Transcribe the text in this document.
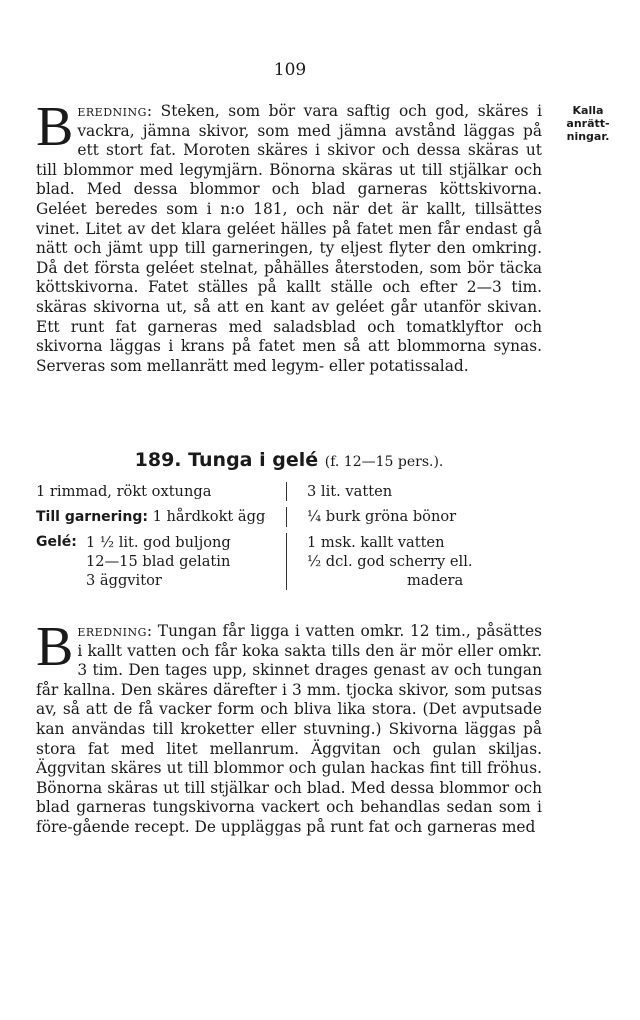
109
Kalla
anrätt-
ningar.
Beredning: Steken, som bör vara saftig och god, skäres i vackra, jämna skivor, som med jämna avstånd läggas på ett stort fat. Moroten skäres i skivor och dessa skäras ut till blommor med legymjärn. Bönorna skäras ut till stjälkar och blad. Med dessa blommor och blad garneras köttskivorna. Geléet beredes som i n:o 181, och när det är kallt, tillsättes vinet. Litet av det klara geléet hälles på fatet men får endast gå nätt och jämt upp till garneringen, ty eljest flyter den omkring. Då det första geléet stelnat, påhälles återstoden, som bör täcka köttskivorna. Fatet ställes på kallt ställe och efter 2—3 tim. skäras skivorna ut, så att en kant av geléet går utanför skivan. Ett runt fat garneras med saladsblad och tomatklyftor och skivorna läggas i krans på fatet men så att blommorna synas. Serveras som mellanrätt med legym- eller potatissalad.
189. Tunga i gelé (f. 12—15 pers.).
1 rimmad, rökt oxtunga	3 lit. vatten
Till garnering: 1 hårdkokt ägg	¼ burk gröna bönor
Gelé: 1 ½ lit. god buljong
12—15 blad gelatin
3 äggvitor
1 msk. kallt vatten
½ dcl. god scherry ell.
madera
Beredning: Tungan får ligga i vatten omkr. 12 tim., påsättes i kallt vatten och får koka sakta tills den är mör eller omkr. 3 tim. Den tages upp, skinnet drages genast av och tungan får kallna. Den skäres därefter i 3 mm. tjocka skivor, som putsas av, så att de få vacker form och bliva lika stora. (Det avputsade kan användas till kroketter eller stuvning.) Skivorna läggas på stora fat med litet mellanrum. Äggvitan och gulan skiljas. Äggvitan skäres ut till blommor och gulan hackas fint till fröhus. Bönorna skäras ut till stjälkar och blad. Med dessa blommor och blad garneras tungskivorna vackert och behandlas sedan som i före-gående recept. De uppläggas på runt fat och garneras med
